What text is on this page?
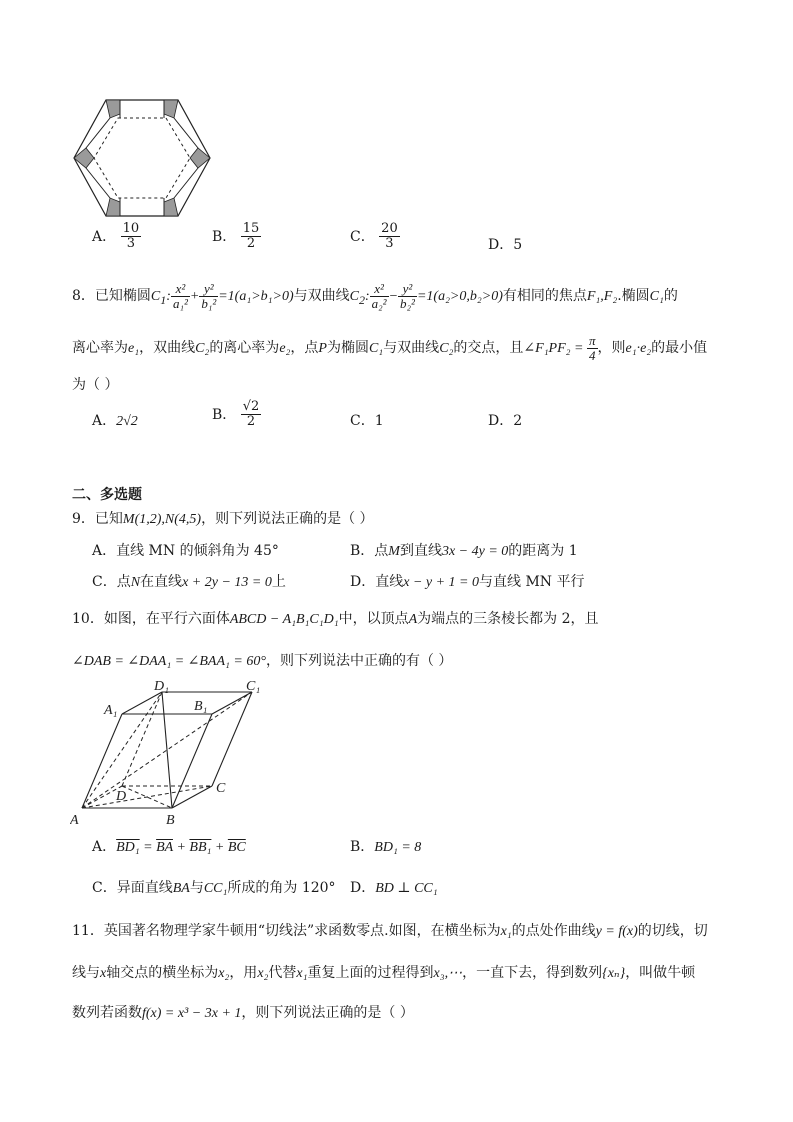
A． $\frac{10}{3}$	B． $\frac{15}{2}$	C． $\frac{20}{3}$	D．5
8．已知椭圆$C_1$: $\frac{\text{x²}}{\text{a₁²}} + \frac{\text{y²}}{\text{b₁²}} =1(a_1>b_1>0)$与双曲线$C_2$: $\frac{\text{x²}}{\text{a₂²}} - \frac{\text{y²}}{\text{b₂²}} =1(a_2>0,b_2>0)$有相同的焦点F₁,F₂.椭圆C₁的
离心率为e₁，双曲线C₂的离心率为e₂，点P为椭圆C₁与双曲线C₂的交点，且∠F₁PF₂ = $\frac{\pi}{4}$ ，则e₁·e₂的最小值
为（ ）
A．2√2	B． $\frac{√2}{2}$	C．1	D．2
二、多选题
9．已知M(1,2),N(4,5)，则下列说法正确的是（ ）
A．直线 MN 的倾斜角为 45°	B．点M到直线3x − 4y = 0的距离为 1
C．点N在直线x + 2y − 13 = 0上	D．直线x − y + 1 = 0与直线 MN 平行
10．如图，在平行六面体ABCD − A₁B₁C₁D₁中，以顶点A为端点的三条棱长都为 2，且
∠DAB = ∠DAA₁ = ∠BAA₁ = 60°，则下列说法中正确的有（ ）
A	B
C
D
A₁	B₁
C₁
D₁
A．$BD_1 = \overline{BA} + BB_1 + \overline{BC}$	B．BD₁ = 8
C．异面直线BA与CC₁所成的角为 120° D．BD ⊥ CC₁
11．英国著名物理学家牛顿用“切线法”求函数零点.如图，在横坐标为x₁的点处作曲线y = f(x)的切线，切
线与x轴交点的横坐标为x₂，用x₂代替x₁重复上面的过程得到x₃,⋯，一直下去，得到数列{xₙ}，叫做牛顿
数列若函数f(x) = x³ − 3x + 1，则下列说法正确的是（ ）
